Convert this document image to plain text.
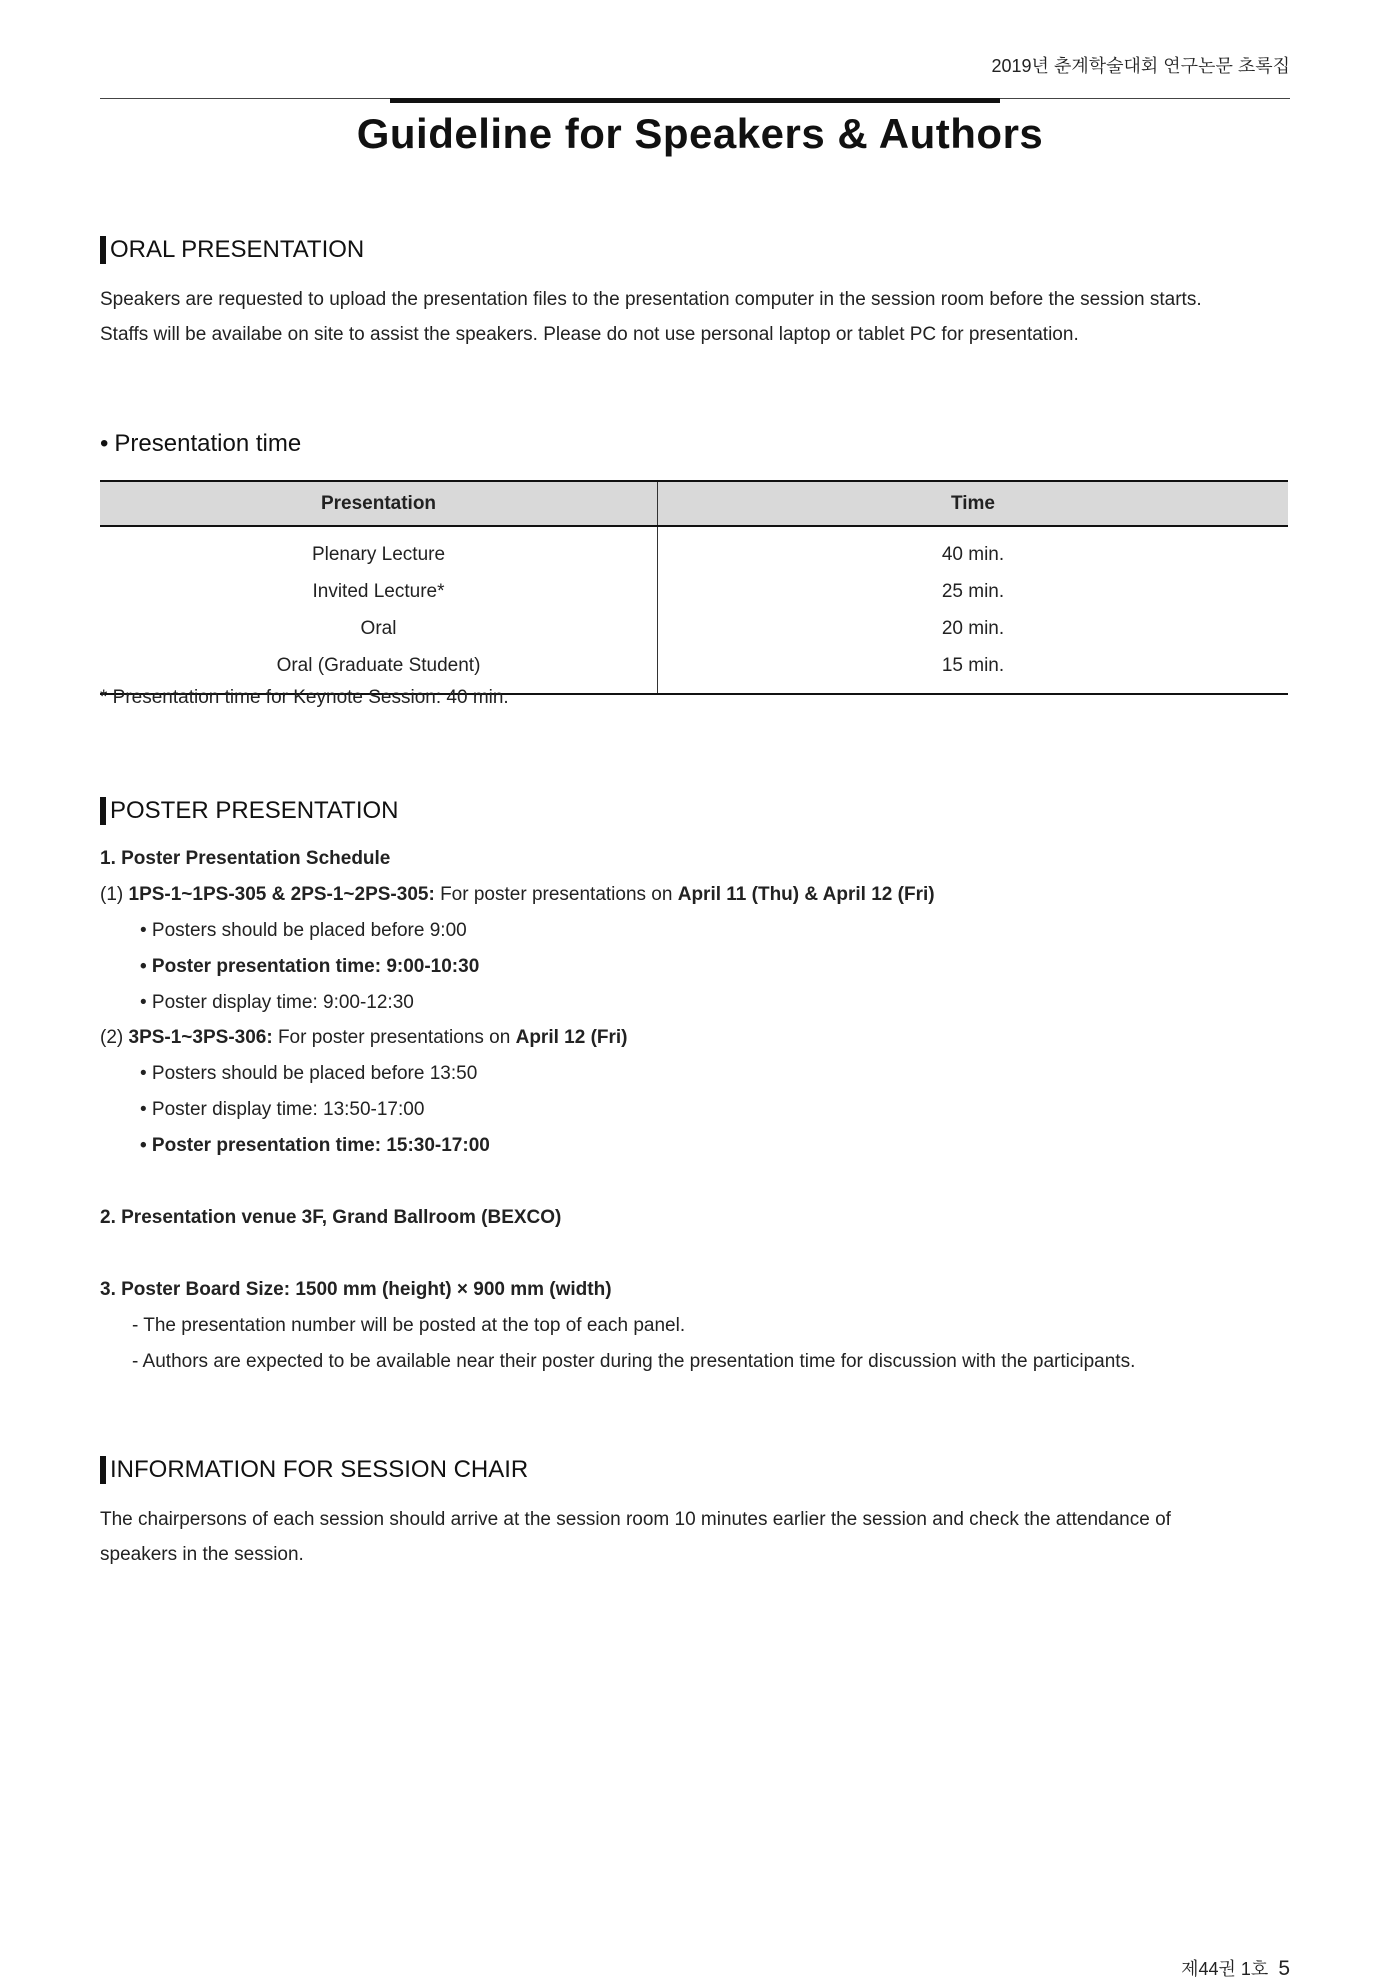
2019년 춘계학술대회 연구논문 초록집
Guideline for Speakers & Authors
ORAL PRESENTATION
Speakers are requested to upload the presentation files to the presentation computer in the session room before the session starts.
Staffs will be availabe on site to assist the speakers. Please do not use personal laptop or tablet PC for presentation.
• Presentation time
Presentation	Time
Plenary Lecture	40 min.
Invited Lecture*	25 min.
Oral	20 min.
Oral (Graduate Student)	15 min.
* Presentation time for Keynote Session: 40 min.
POSTER PRESENTATION
1. Poster Presentation Schedule
(1) 1PS-1~1PS-305 & 2PS-1~2PS-305: For poster presentations on April 11 (Thu) & April 12 (Fri)
• Posters should be placed before 9:00
• Poster presentation time: 9:00-10:30
• Poster display time: 9:00-12:30
(2) 3PS-1~3PS-306: For poster presentations on April 12 (Fri)
• Posters should be placed before 13:50
• Poster display time: 13:50-17:00
• Poster presentation time: 15:30-17:00
2. Presentation venue 3F, Grand Ballroom (BEXCO)
3. Poster Board Size: 1500 mm (height) × 900 mm (width)
- The presentation number will be posted at the top of each panel.
- Authors are expected to be available near their poster during the presentation time for discussion with the participants.
INFORMATION FOR SESSION CHAIR
The chairpersons of each session should arrive at the session room 10 minutes earlier the session and check the attendance of
speakers in the session.
제44권 1호 5
